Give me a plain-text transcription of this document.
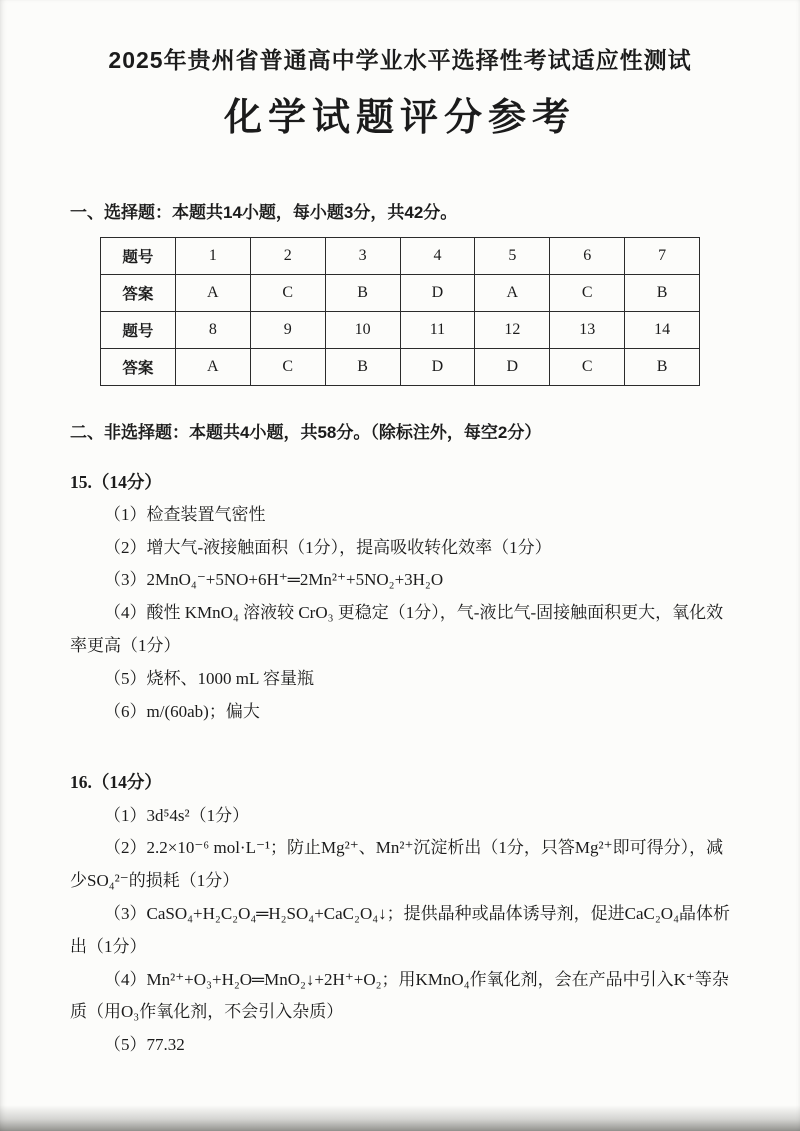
2025年贵州省普通高中学业水平选择性考试适应性测试
化学试题评分参考
一、选择题：本题共14小题，每小题3分，共42分。
题号	1	2	3	4	5	6	7
答案	A	C	B	D	A	C	B
题号	8	9	10	11	12	13	14
答案	A	C	B	D	D	C	B
二、非选择题：本题共4小题，共58分。（除标注外，每空2分）
15.（14分）

（1）检查装置气密性

（2）增大气-液接触面积（1分），提高吸收转化效率（1分）

（3）2MnO₄⁻+5NO+6H⁺═2Mn²⁺+5NO₂+3H₂O

（4）酸性 KMnO₄ 溶液较 CrO₃ 更稳定（1分），气-液比气-固接触面积更大，氧化效率更高（1分）

（5）烧杯、1000 mL 容量瓶

（6）m/(60ab)；偏大

16.（14分）

（1）3d⁵4s²（1分）

（2）2.2×10⁻⁶ mol·L⁻¹；防止Mg²⁺、Mn²⁺沉淀析出（1分，只答Mg²⁺即可得分），减少SO₄²⁻的损耗（1分）

（3）CaSO₄+H₂C₂O₄═H₂SO₄+CaC₂O₄↓；提供晶种或晶体诱导剂，促进CaC₂O₄晶体析出（1分）

（4）Mn²⁺+O₃+H₂O═MnO₂↓+2H⁺+O₂；用KMnO₄作氧化剂，会在产品中引入K⁺等杂质（用O₃作氧化剂，不会引入杂质）

（5）77.32
